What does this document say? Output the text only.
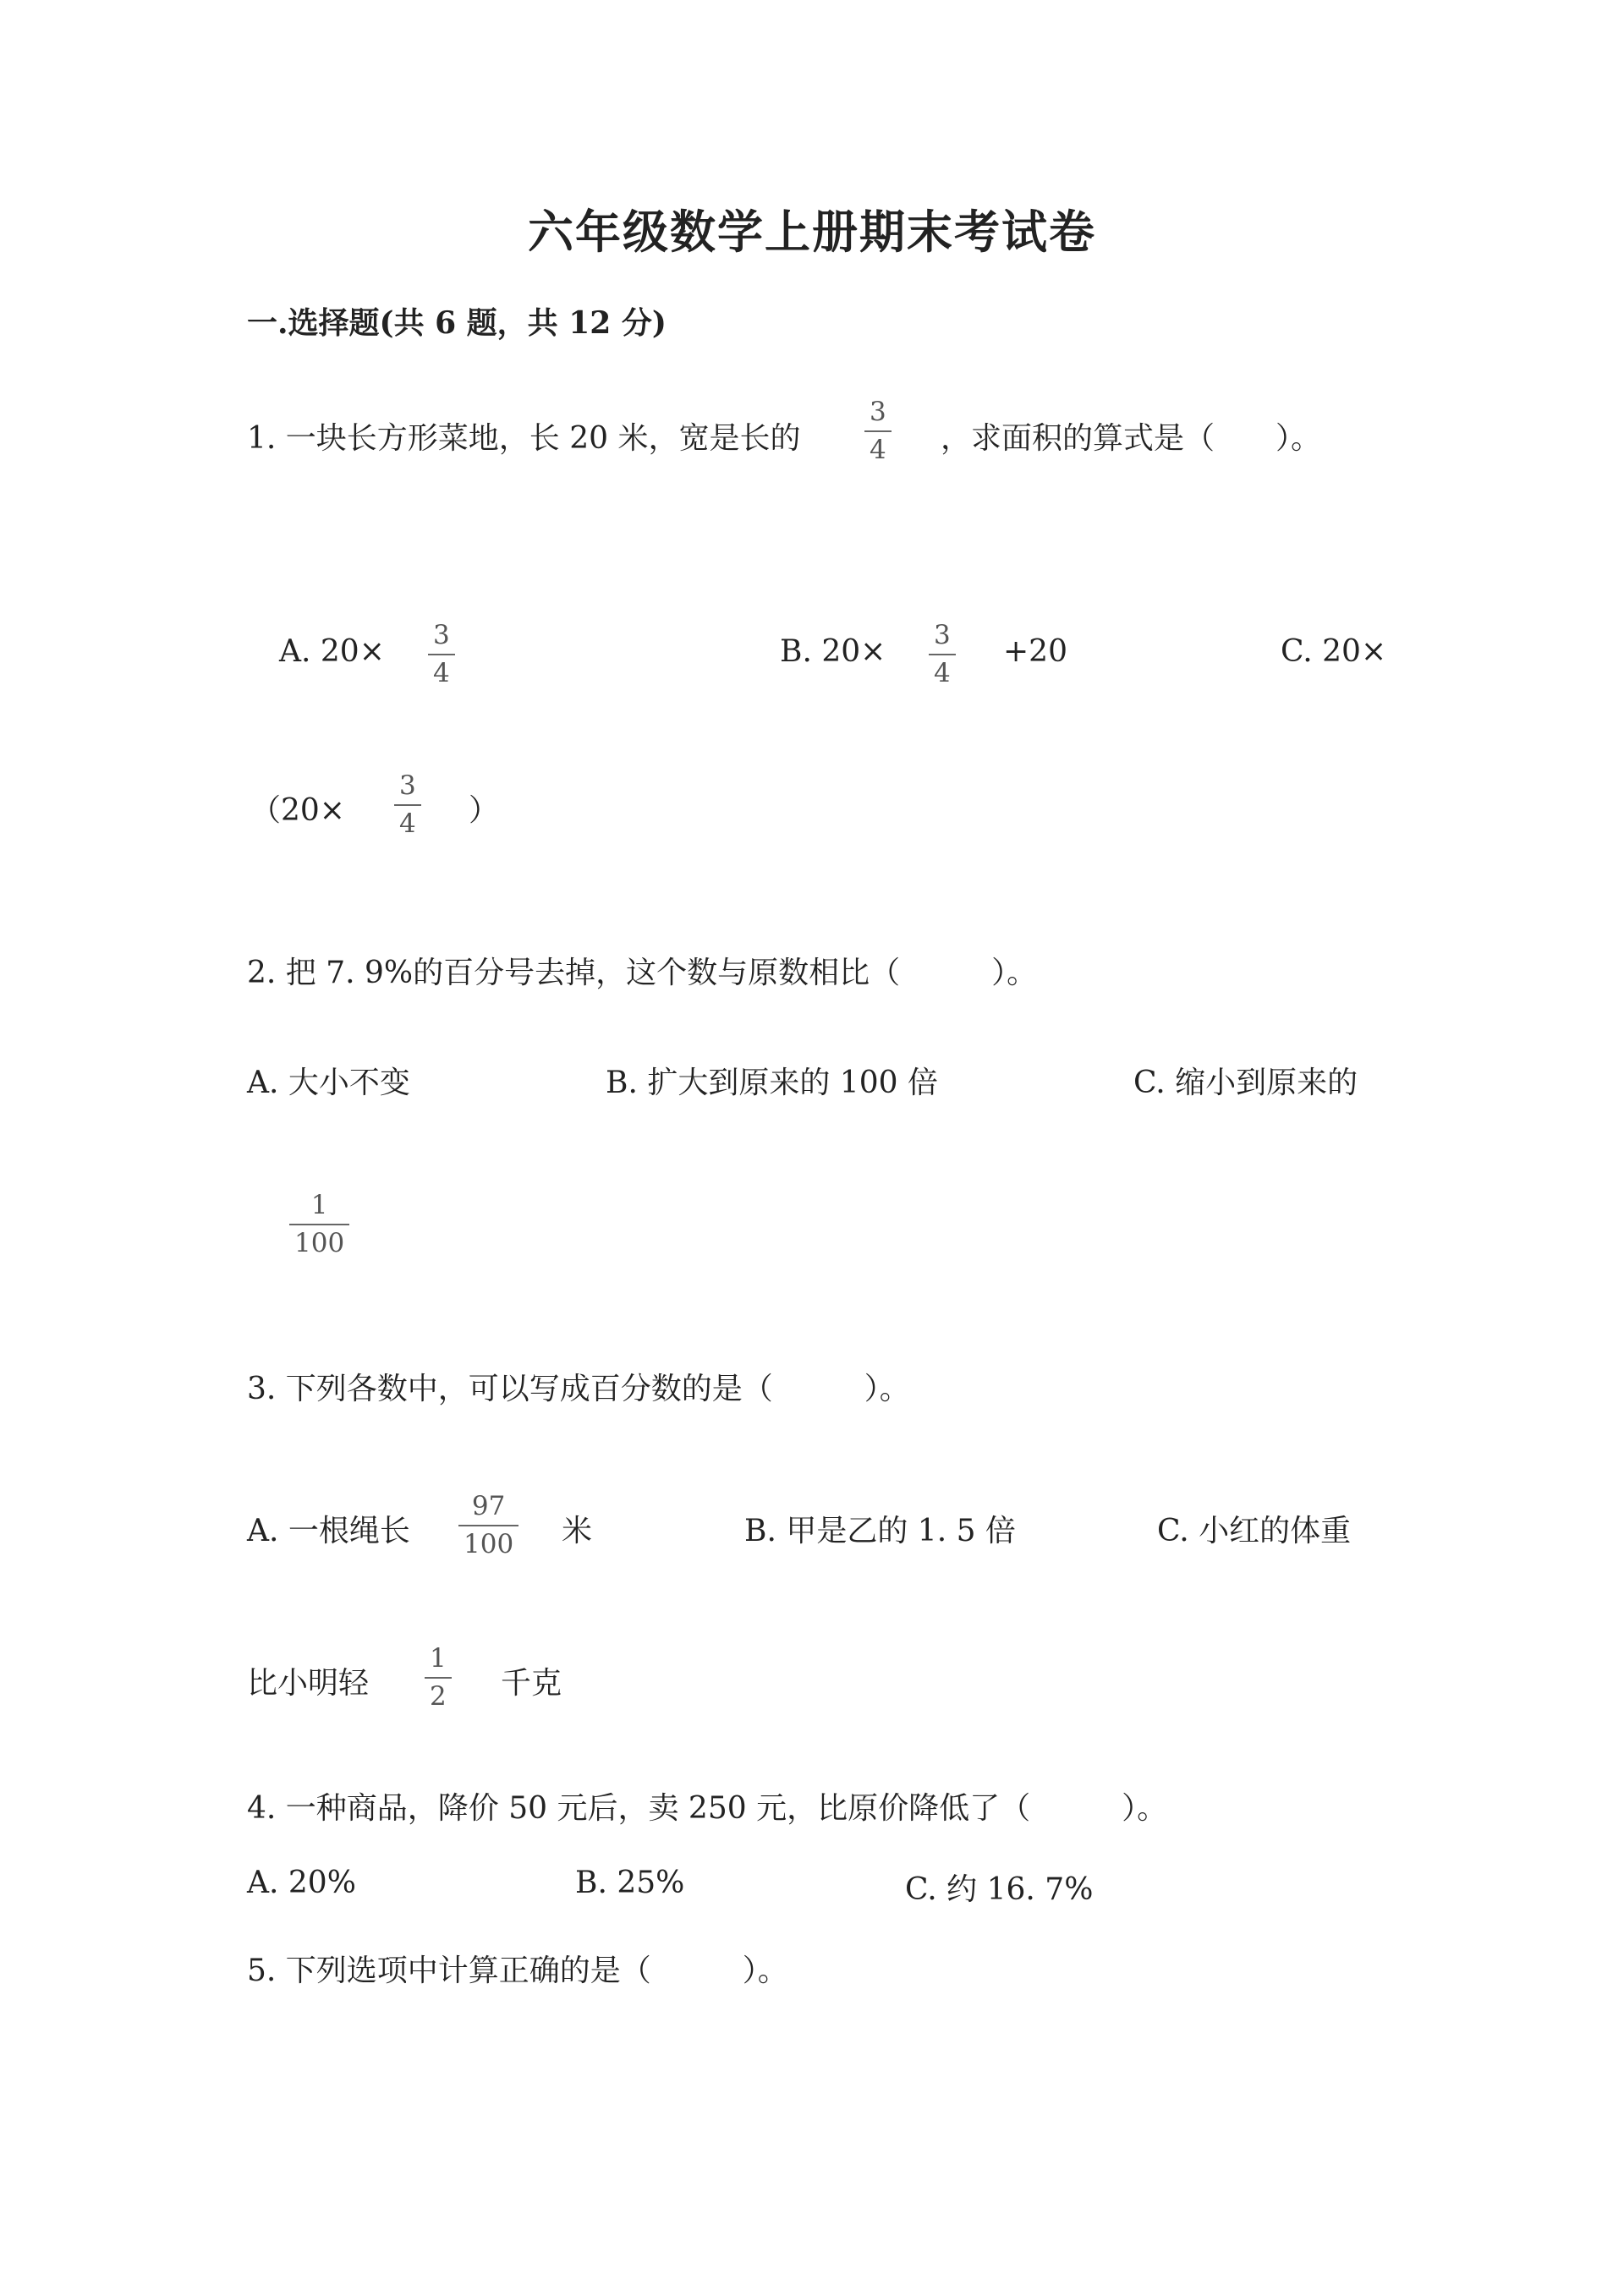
六年级数学上册期末考试卷
一.选择题(共 6 题，共 12 分)
1. 一块长方形菜地，长 20 米，宽是长的
3
4 ，求面积的算式是（　　）。
A. 20× 3
4
B. 20× 3
4
+20	C. 20×
（20×
3
4 ）
2. 把 7. 9%的百分号去掉，这个数与原数相比（　　　）。
A. 大小不变	B. 扩大到原来的 100 倍	C. 缩小到原来的
1
100
3. 下列各数中，可以写成百分数的是（　　　）。
A. 一根绳长
97
100 米	B. 甲是乙的 1. 5 倍	C. 小红的体重
比小明轻
1
2 千克
4. 一种商品，降价 50 元后，卖 250 元，比原价降低了（　　　）。
A. 20%	B. 25%	C. 约 16. 7%
5. 下列选项中计算正确的是（　　　）。
